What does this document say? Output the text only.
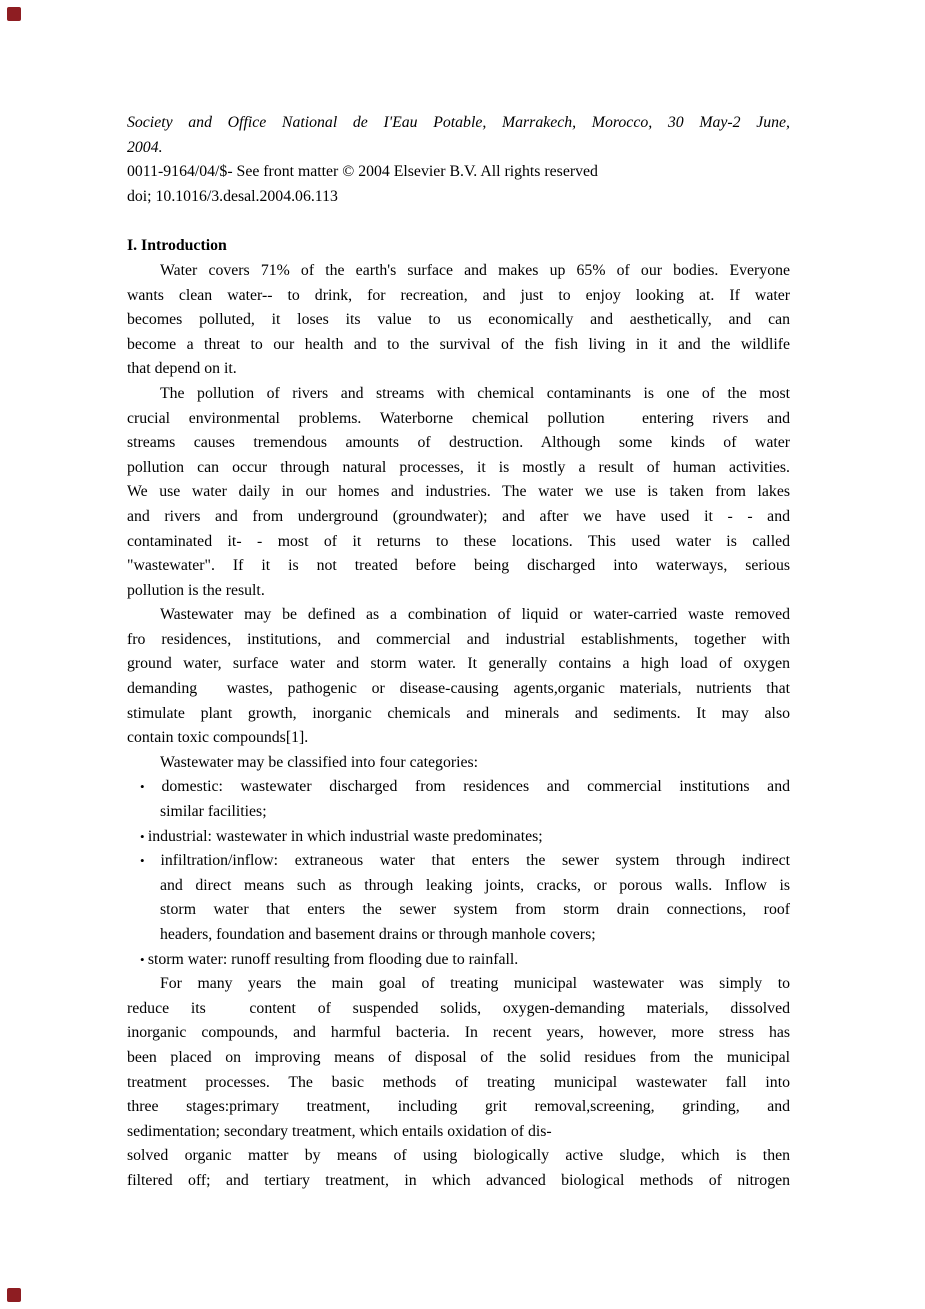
Society and Office National de I'Eau Potable, Marrakech, Morocco, 30 May-2 June,
2004.
0011-9164/04/$- See front matter © 2004 Elsevier B.V. All rights reserved
doi; 10.1016/3.desal.2004.06.113
I. Introduction
Water covers 71% of the earth's surface and makes up 65% of our bodies. Everyone
wants clean water-- to drink, for recreation, and just to enjoy looking at. If water
becomes polluted, it loses its value to us economically and aesthetically, and can
become a threat to our health and to the survival of the fish living in it and the wildlife
that depend on it.
The pollution of rivers and streams with chemical contaminants is one of the most
crucial environmental problems. Waterborne chemical pollution  entering rivers and
streams causes tremendous amounts of destruction. Although some kinds of water
pollution can occur through natural processes, it is mostly a result of human activities.
We use water daily in our homes and industries. The water we use is taken from lakes
and rivers and from underground (groundwater); and after we have used it - - and
contaminated it- - most of it returns to these locations. This used water is called
"wastewater". If it is not treated before being discharged into waterways, serious
pollution is the result.
Wastewater may be defined as a combination of liquid or water-carried waste removed
fro residences, institutions, and commercial and industrial establishments, together with
ground water, surface water and storm water. It generally contains a high load of oxygen
demanding  wastes, pathogenic or disease-causing agents,organic materials, nutrients that
stimulate plant growth, inorganic chemicals and minerals and sediments. It may also
contain toxic compounds[1].
Wastewater may be classified into four categories:
• domestic: wastewater discharged from residences and commercial institutions and
similar facilities;
• industrial: wastewater in which industrial waste predominates;
• infiltration/inflow: extraneous water that enters the sewer system through indirect
and direct means such as through leaking joints, cracks, or porous walls. Inflow is
storm water that enters the sewer system from storm drain connections, roof
headers, foundation and basement drains or through manhole covers;
• storm water: runoff resulting from flooding due to rainfall.
For many years the main goal of treating municipal wastewater was simply to
reduce its  content of suspended solids, oxygen-demanding materials, dissolved
inorganic compounds, and harmful bacteria. In recent years, however, more stress has
been placed on improving means of disposal of the solid residues from the municipal
treatment processes. The basic methods of treating municipal wastewater fall into
three stages:primary treatment, including grit removal,screening, grinding, and
sedimentation; secondary treatment, which entails oxidation of dis-
solved organic matter by means of using biologically active sludge, which is then
filtered off; and tertiary treatment, in which advanced biological methods of nitrogen
